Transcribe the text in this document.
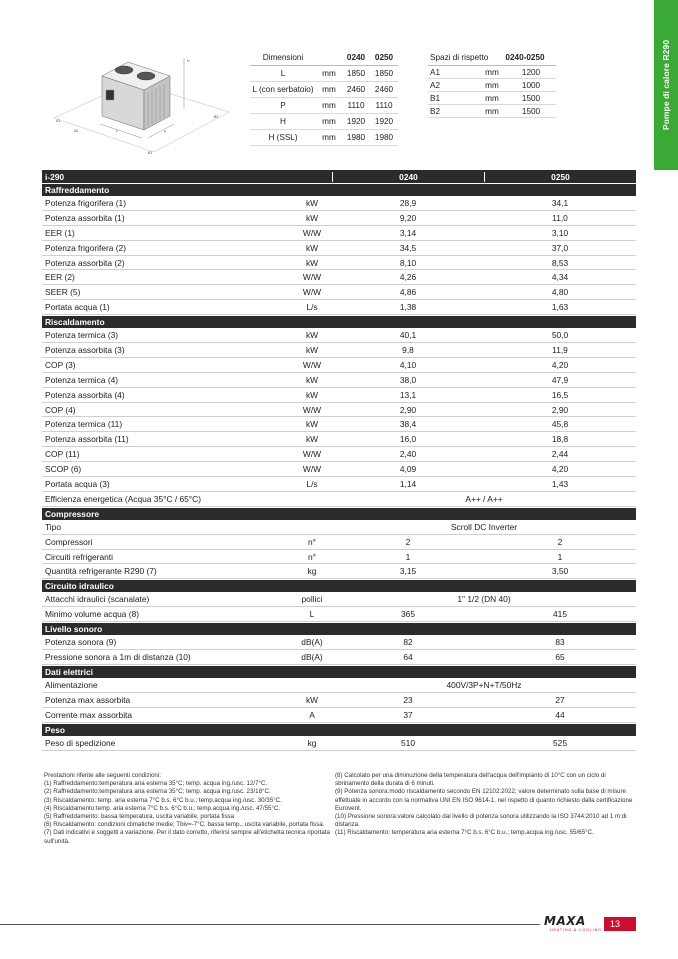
Pompe di calore R290
H
B2
A1
A2
B1
P
L
Dimensioni	0240	0250
L	mm	1850	1850
L (con serbatoio)	mm	2460	2460
P	mm	1110	1110
H	mm	1920	1920
H (SSL)	mm	1980	1980
Spazi di rispetto	0240-0250
A1	mm	1200
A2	mm	1000
B1	mm	1500
B2	mm	1500
i-290	0240	0250
Raffreddamento
Potenza frigorifera (1)	kW	28,9	34,1
Potenza assorbita (1)	kW	9,20	11,0
EER (1)	W/W	3,14	3,10
Potenza frigorifera (2)	kW	34,5	37,0
Potenza assorbita (2)	kW	8,10	8,53
EER (2)	W/W	4,26	4,34
SEER (5)	W/W	4,86	4,80
Portata acqua (1)	L/s	1,38	1,63
Riscaldamento
Potenza termica (3)	kW	40,1	50,0
Potenza assorbita (3)	kW	9,8	11,9
COP (3)	W/W	4,10	4,20
Potenza termica (4)	kW	38,0	47,9
Potenza assorbita (4)	kW	13,1	16,5
COP (4)	W/W	2,90	2,90
Potenza termica (11)	kW	38,4	45,8
Potenza assorbita (11)	kW	16,0	18,8
COP (11)	W/W	2,40	2,44
SCOP (6)	W/W	4,09	4,20
Portata acqua (3)	L/s	1,14	1,43
Efficienza energetica (Acqua 35°C / 65°C)	A++ / A++
Compressore
Tipo	Scroll DC Inverter
Compressori	n°	2	2
Circuiti refrigeranti	n°	1	1
Quantità refrigerante R290 (7)	kg	3,15	3,50
Circuito idraulico
Attacchi idraulici (scanalate)	pollici	1" 1/2 (DN 40)
Minimo volume acqua (8)	L	365	415
Livello sonoro
Potenza sonora (9)	dB(A)	82	83
Pressione sonora a 1m di distanza (10)	dB(A)	64	65
Dati elettrici
Alimentazione	400V/3P+N+T/50Hz
Potenza max assorbita	kW	23	27
Corrente max assorbita	A	37	44
Peso
Peso di spedizione	kg	510	525

Prestazioni riferite alle seguenti condizioni:

(1) Raffreddamento:temperatura aria esterna 35°C; temp. acqua ing./usc. 12/7°C.

(2) Raffreddamento:temperatura aria esterna 35°C; temp. acqua ing./usc. 23/18°C.

(3) Riscaldamento: temp. aria esterna 7°C b.s. 6°C b.u.; temp.acqua ing./usc. 30/35°C.

(4) Riscaldamento:temp. aria esterna 7°C b.s. 6°C b.u.; temp.acqua ing./usc. 47/55°C.

(5) Raffreddamento: bassa temperatura, uscita variabile, portata fissa

(6) Riscaldamento: condizioni climatiche medie; Tbiv=-7°C; bassa temp., uscita variabile, portata fissa.

(7) Dati indicativi e soggetti a variazione. Per il dato corretto, riferirsi sempre all'etichetta tecnica riportata sull'unità.

(8) Calcolato per una diminuzione della temperatura dell'acqua dell'impianto di 10°C con un ciclo di sbrinamento della durata di 6 minuti.

(9) Potenza sonora:modo riscaldamento secondo EN 12102:2022; valore determinato sulla base di misure effettuate in accordo con la normativa UNI EN ISO 9614-1, nel rispetto di quanto richiesto dalla certificazione Eurovent.

(10) Pressione sonora:valore calcolato dal livello di potenza sonora utilizzando la ISO 3744:2010 ad 1 m di distanza.

(11) Riscaldamento: temperatura aria esterna 7°C b.s. 6°C b.u.; temp.acqua ing./usc. 55/65°C.

MAXA
HEATING & COOLING
13
